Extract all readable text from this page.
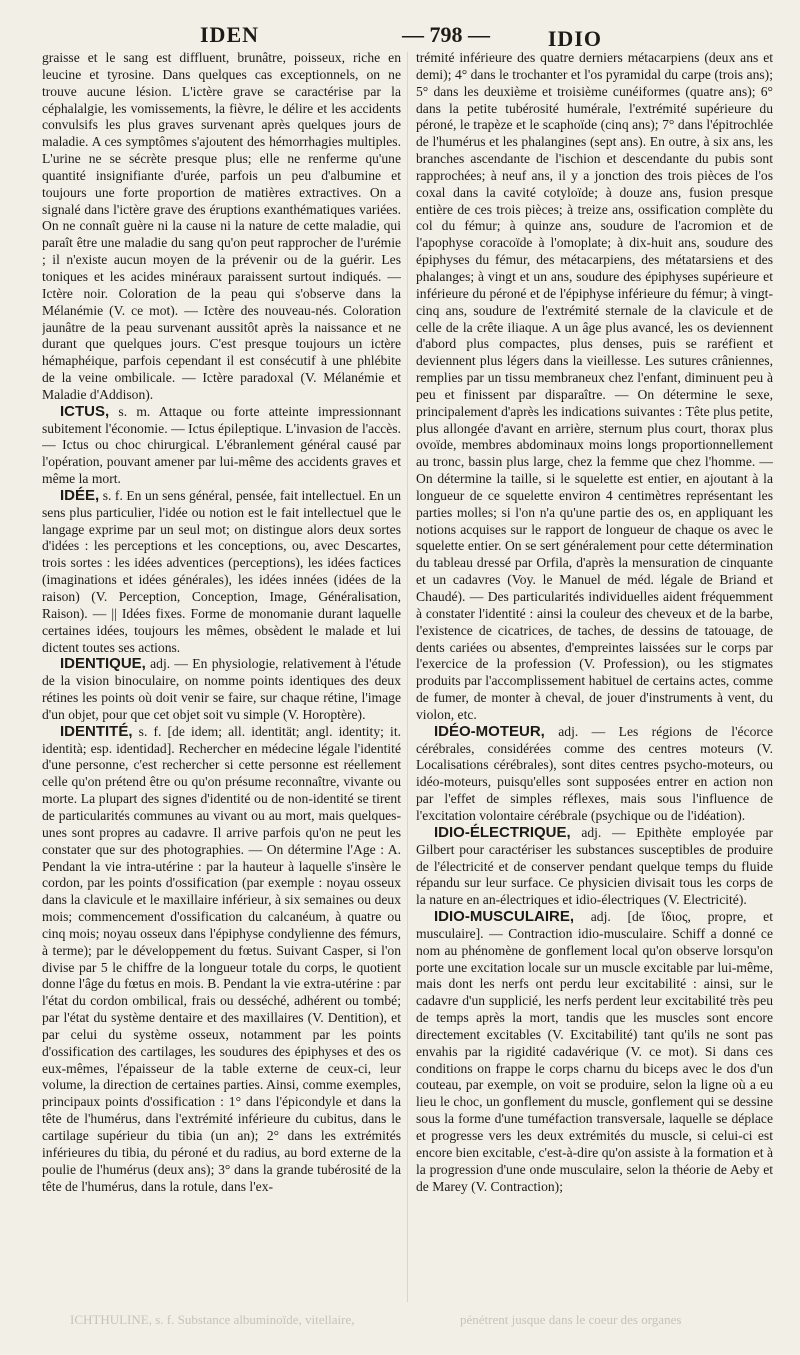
IDEN	— 798 —	IDIO

graisse et le sang est diffluent, brunâtre, poisseux, riche en leucine et tyrosine. Dans quelques cas exceptionnels, on ne trouve aucune lésion. L'ictère grave se caractérise par la céphalalgie, les vomissements, la fièvre, le délire et les accidents convulsifs les plus graves survenant après quelques jours de maladie. A ces symptômes s'ajoutent des hémorrhagies multiples. L'urine ne se sécrète presque plus; elle ne renferme qu'une quantité insignifiante d'urée, parfois un peu d'albumine et toujours une forte proportion de matières extractives. On a signalé dans l'ictère grave des éruptions exanthématiques variées. On ne connaît guère ni la cause ni la nature de cette maladie, qui paraît être une maladie du sang qu'on peut rapprocher de l'urémie ; il n'existe aucun moyen de la prévenir ou de la guérir. Les toniques et les acides minéraux paraissent surtout indiqués. — Ictère noir. Coloration de la peau qui s'observe dans la Mélanémie (V. ce mot). — Ictère des nouveau-nés. Coloration jaunâtre de la peau survenant aussitôt après la naissance et ne durant que quelques jours. C'est presque toujours un ictère hémaphéique, parfois cependant il est consécutif à une phlébite de la veine ombilicale. — Ictère paradoxal (V. Mélanémie et Maladie d'Addison).

ICTUS, s. m. Attaque ou forte atteinte impressionnant subitement l'économie. — Ictus épileptique. L'invasion de l'accès. — Ictus ou choc chirurgical. L'ébranlement général causé par l'opération, pouvant amener par lui-même des accidents graves et même la mort.

IDÉE, s. f. En un sens général, pensée, fait intellectuel. En un sens plus particulier, l'idée ou notion est le fait intellectuel que le langage exprime par un seul mot; on distingue alors deux sortes d'idées : les perceptions et les conceptions, ou, avec Descartes, trois sortes : les idées adventices (perceptions), les idées factices (imaginations et idées générales), les idées innées (idées de la raison) (V. Perception, Conception, Image, Généralisation, Raison). — || Idées fixes. Forme de monomanie durant laquelle certaines idées, toujours les mêmes, obsèdent le malade et lui dictent toutes ses actions.

IDENTIQUE, adj. — En physiologie, relativement à l'étude de la vision binoculaire, on nomme points identiques des deux rétines les points où doit venir se faire, sur chaque rétine, l'image d'un objet, pour que cet objet soit vu simple (V. Horoptère).

IDENTITÉ, s. f. [de idem; all. identität; angl. identity; it. identità; esp. identidad]. Rechercher en médecine légale l'identité d'une personne, c'est rechercher si cette personne est réellement celle qu'on prétend être ou qu'on présume reconnaître, vivante ou morte. La plupart des signes d'identité ou de non-identité se tirent de particularités communes au vivant ou au mort, mais quelques-unes sont propres au cadavre. Il arrive parfois qu'on ne peut les constater que sur des photographies. — On détermine l'Age : A. Pendant la vie intra-utérine : par la hauteur à laquelle s'insère le cordon, par les points d'ossification (par exemple : noyau osseux dans la clavicule et le maxillaire inférieur, à six semaines ou deux mois; commencement d'ossification du calcanéum, à quatre ou cinq mois; noyau osseux dans l'épiphyse condylienne des fémurs, à terme); par le développement du fœtus. Suivant Casper, si l'on divise par 5 le chiffre de la longueur totale du corps, le quotient donne l'âge du fœtus en mois. B. Pendant la vie extra-utérine : par l'état du cordon ombilical, frais ou desséché, adhérent ou tombé; par l'état du système dentaire et des maxillaires (V. Dentition), et par celui du système osseux, notamment par les points d'ossification des cartilages, les soudures des épiphyses et des os eux-mêmes, l'épaisseur de la table externe de ceux-ci, leur volume, la direction de certaines parties. Ainsi, comme exemples, principaux points d'ossification : 1° dans l'épicondyle et dans la tête de l'humérus, dans l'extrémité inférieure du cubitus, dans le cartilage supérieur du tibia (un an); 2° dans les extrémités inférieures du tibia, du péroné et du radius, au bord externe de la poulie de l'humérus (deux ans); 3° dans la grande tubérosité de la tête de l'humérus, dans la rotule, dans l'ex-

trémité inférieure des quatre derniers métacarpiens (deux ans et demi); 4° dans le trochanter et l'os pyramidal du carpe (trois ans); 5° dans les deuxième et troisième cunéiformes (quatre ans); 6° dans la petite tubérosité humérale, l'extrémité supérieure du péroné, le trapèze et le scaphoïde (cinq ans); 7° dans l'épitrochlée de l'humérus et les phalangines (sept ans). En outre, à six ans, les branches ascendante de l'ischion et descendante du pubis sont rapprochées; à neuf ans, il y a jonction des trois pièces de l'os coxal dans la cavité cotyloïde; à douze ans, fusion presque entière de ces trois pièces; à treize ans, ossification complète du col du fémur; à quinze ans, soudure de l'acromion et de l'apophyse coracoïde à l'omoplate; à dix-huit ans, soudure des épiphyses du fémur, des métacarpiens, des métatarsiens et des phalanges; à vingt et un ans, soudure des épiphyses supérieure et inférieure du péroné et de l'épiphyse inférieure du fémur; à vingt-cinq ans, soudure de l'extrémité sternale de la clavicule et de celle de la crête iliaque. A un âge plus avancé, les os deviennent d'abord plus compactes, plus denses, puis se raréfient et deviennent plus légers dans la vieillesse. Les sutures crâniennes, remplies par un tissu membraneux chez l'enfant, diminuent peu à peu et finissent par disparaître. — On détermine le sexe, principalement d'après les indications suivantes : Tête plus petite, plus allongée d'avant en arrière, sternum plus court, thorax plus ovoïde, membres abdominaux moins longs proportionnellement au tronc, bassin plus large, chez la femme que chez l'homme. — On détermine la taille, si le squelette est entier, en ajoutant à la longueur de ce squelette environ 4 centimètres représentant les parties molles; si l'on n'a qu'une partie des os, en appliquant les notions acquises sur le rapport de longueur de chaque os avec le squelette entier. On se sert généralement pour cette détermination du tableau dressé par Orfila, d'après la mensuration de cinquante et un cadavres (Voy. le Manuel de méd. légale de Briand et Chaudé). — Des particularités individuelles aident fréquemment à constater l'identité : ainsi la couleur des cheveux et de la barbe, l'existence de cicatrices, de taches, de dessins de tatouage, de dents cariées ou absentes, d'empreintes laissées sur le corps par l'exercice de la profession (V. Profession), ou les stigmates produits par l'accomplissement habituel de certains actes, comme de fumer, de monter à cheval, de jouer d'instruments à vent, du violon, etc.

IDÉO-MOTEUR, adj. — Les régions de l'écorce cérébrales, considérées comme des centres moteurs (V. Localisations cérébrales), sont dites centres psycho-moteurs, ou idéo-moteurs, puisqu'elles sont supposées entrer en action non par l'effet de simples réflexes, mais sous l'influence de l'excitation volontaire cérébrale (psychique ou de l'idéation).

IDIO-ÉLECTRIQUE, adj. — Epithète employée par Gilbert pour caractériser les substances susceptibles de produire de l'électricité et de conserver pendant quelque temps du fluide répandu sur leur surface. Ce physicien divisait tous les corps de la nature en an-électriques et idio-électriques (V. Electricité).

IDIO-MUSCULAIRE, adj. [de ἴδιος, propre, et musculaire]. — Contraction idio-musculaire. Schiff a donné ce nom au phénomène de gonflement local qu'on observe lorsqu'on porte une excitation locale sur un muscle excitable par lui-même, mais dont les nerfs ont perdu leur excitabilité : ainsi, sur le cadavre d'un supplicié, les nerfs perdent leur excitabilité très peu de temps après la mort, tandis que les muscles sont encore directement excitables (V. Excitabilité) tant qu'ils ne sont pas envahis par la rigidité cadavérique (V. ce mot). Si dans ces conditions on frappe le corps charnu du biceps avec le dos d'un couteau, par exemple, on voit se produire, selon la ligne où a eu lieu le choc, un gonflement du muscle, gonflement qui se dessine sous la forme d'une tuméfaction transversale, laquelle se déplace et progresse vers les deux extrémités du muscle, si celui-ci est encore bien excitable, c'est-à-dire qu'on assiste à la formation et à la progression d'une onde musculaire, selon la théorie de Aeby et de Marey (V. Contraction);

ICHTHULINE, s. f. Substance albuminoïde, vitellaire,	pénétrent jusque dans le coeur des organes
